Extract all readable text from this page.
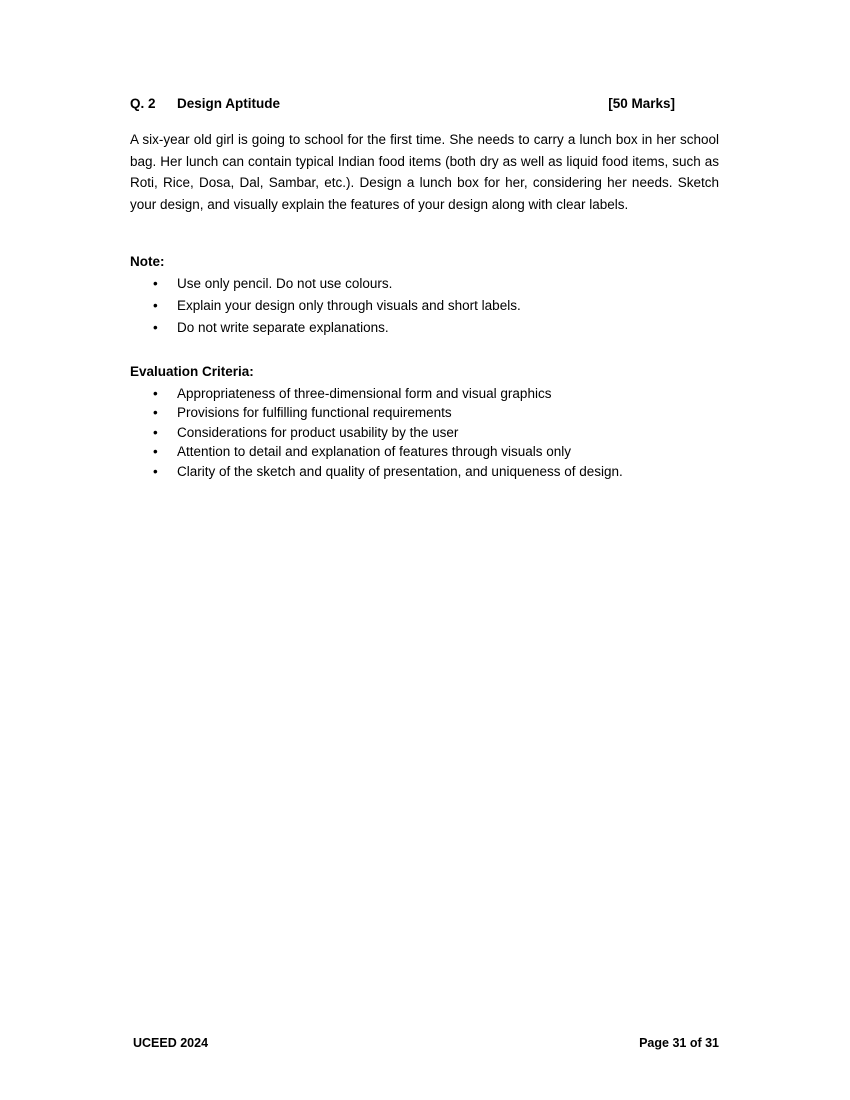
Q. 2 Design Aptitude	[50 Marks]

A six-year old girl is going to school for the first time. She needs to carry a lunch box in her school bag. Her lunch can contain typical Indian food items (both dry as well as liquid food items, such as Roti, Rice, Dosa, Dal, Sambar, etc.). Design a lunch box for her, considering her needs. Sketch your design, and visually explain the features of your design along with clear labels.

Note:
• Use only pencil. Do not use colours.
• Explain your design only through visuals and short labels.
• Do not write separate explanations.
Evaluation Criteria:
• Appropriateness of three-dimensional form and visual graphics
• Provisions for fulfilling functional requirements
• Considerations for product usability by the user
• Attention to detail and explanation of features through visuals only
• Clarity of the sketch and quality of presentation, and uniqueness of design.
UCEED 2024	Page 31 of 31
